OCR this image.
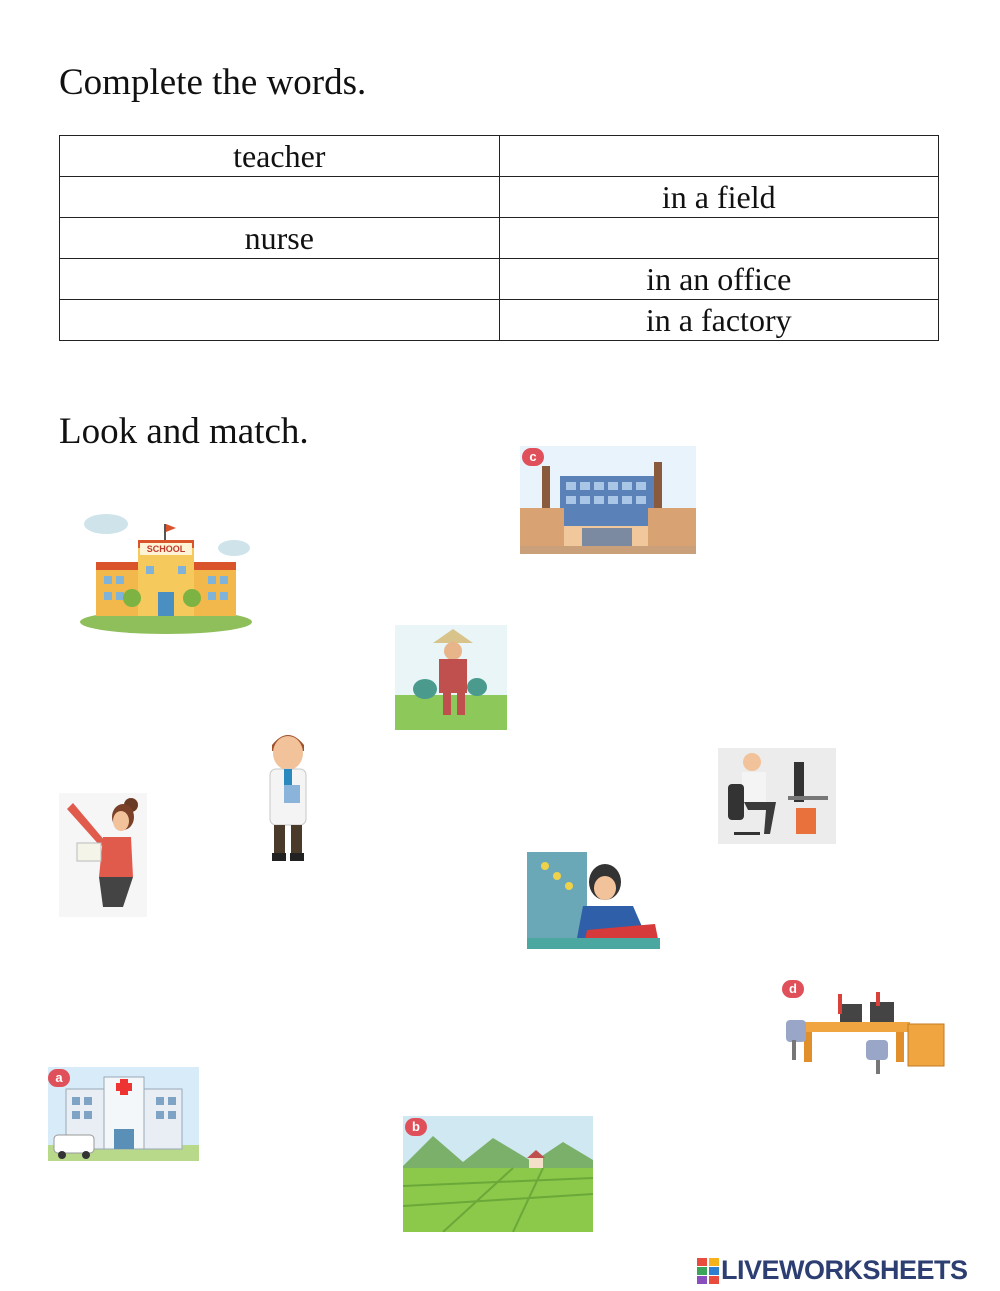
Complete the words.
teacher	
	in a field
nurse	
	in an office
	in a factory
Look and match.
c
SCHOOL
d
a
b
LIVEWORKSHEETS
